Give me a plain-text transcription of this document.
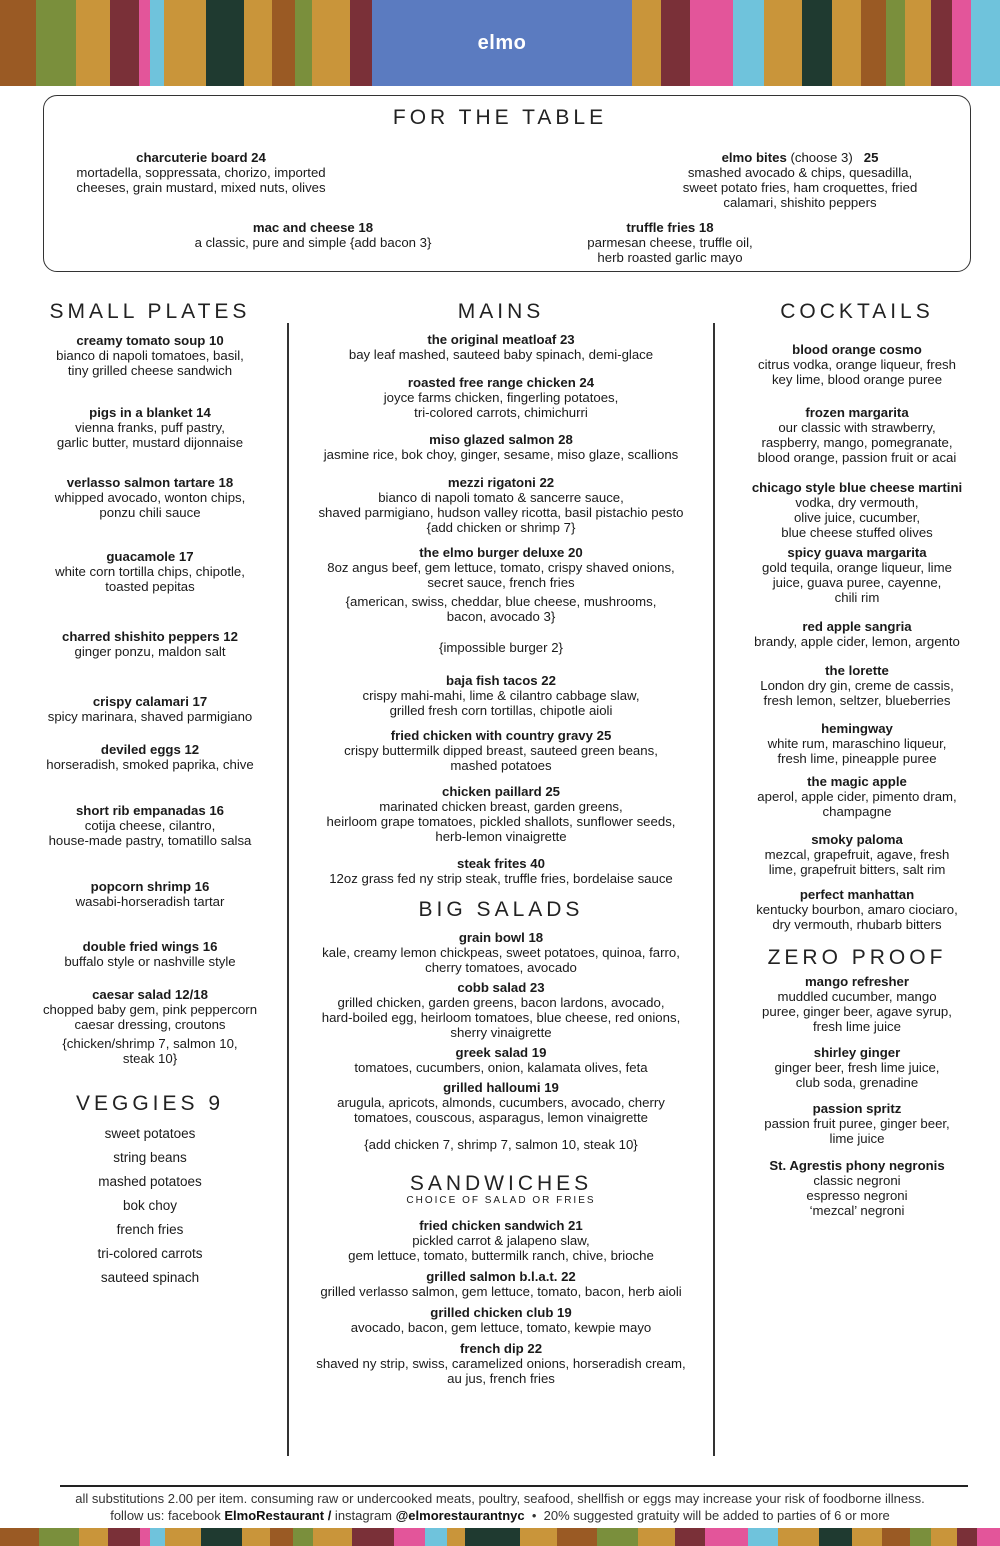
elmo
FOR THE TABLE
charcuterie board 24
mortadella, soppressata, chorizo, imported
cheeses, grain mustard, mixed nuts, olives
elmo bites (choose 3)   25
smashed avocado & chips, quesadilla,
sweet potato fries, ham croquettes, fried
calamari, shishito peppers
mac and cheese 18
a classic, pure and simple {add bacon 3}
truffle fries 18
parmesan cheese, truffle oil,
herb roasted garlic mayo
SMALL PLATES
creamy tomato soup 10
bianco di napoli tomatoes, basil,
tiny grilled cheese sandwich
pigs in a blanket 14
vienna franks, puff pastry,
garlic butter, mustard dijonnaise
verlasso salmon tartare 18
whipped avocado, wonton chips,
ponzu chili sauce
guacamole 17
white corn tortilla chips, chipotle,
toasted pepitas
charred shishito peppers 12
ginger ponzu, maldon salt
crispy calamari 17
spicy marinara, shaved parmigiano
deviled eggs 12
horseradish, smoked paprika, chive
short rib empanadas 16
cotija cheese, cilantro,
house-made pastry, tomatillo salsa
popcorn shrimp 16
wasabi-horseradish tartar
double fried wings 16
buffalo style or nashville style
caesar salad 12/18
chopped baby gem, pink peppercorn
caesar dressing, croutons
{chicken/shrimp 7, salmon 10,
steak 10}
VEGGIES 9
sweet potatoes
string beans
mashed potatoes
bok choy
french fries
tri-colored carrots
sauteed spinach
MAINS
the original meatloaf 23
bay leaf mashed, sauteed baby spinach, demi-glace
roasted free range chicken 24
joyce farms chicken, fingerling potatoes,
tri-colored carrots, chimichurri
miso glazed salmon 28
jasmine rice, bok choy, ginger, sesame, miso glaze, scallions
mezzi rigatoni 22
bianco di napoli tomato & sancerre sauce,
shaved parmigiano, hudson valley ricotta, basil pistachio pesto
{add chicken or shrimp 7}
the elmo burger deluxe 20
8oz angus beef, gem lettuce, tomato, crispy shaved onions,
secret sauce, french fries
{american, swiss, cheddar, blue cheese, mushrooms,
bacon, avocado 3}
{impossible burger 2}
baja fish tacos 22
crispy mahi-mahi, lime & cilantro cabbage slaw,
grilled fresh corn tortillas, chipotle aioli
fried chicken with country gravy 25
crispy buttermilk dipped breast, sauteed green beans,
mashed potatoes
chicken paillard 25
marinated chicken breast, garden greens,
heirloom grape tomatoes, pickled shallots, sunflower seeds,
herb-lemon vinaigrette
steak frites 40
12oz grass fed ny strip steak, truffle fries, bordelaise sauce
BIG SALADS
grain bowl 18
kale, creamy lemon chickpeas, sweet potatoes, quinoa, farro,
cherry tomatoes, avocado
cobb salad 23
grilled chicken, garden greens, bacon lardons, avocado,
hard-boiled egg, heirloom tomatoes, blue cheese, red onions,
sherry vinaigrette
greek salad 19
tomatoes, cucumbers, onion, kalamata olives, feta
grilled halloumi 19
arugula, apricots, almonds, cucumbers, avocado, cherry
tomatoes, couscous, asparagus, lemon vinaigrette
{add chicken 7, shrimp 7, salmon 10, steak 10}
SANDWICHES
CHOICE OF SALAD OR FRIES
fried chicken sandwich 21
pickled carrot & jalapeno slaw,
gem lettuce, tomato, buttermilk ranch, chive, brioche
grilled salmon b.l.a.t. 22
grilled verlasso salmon, gem lettuce, tomato, bacon, herb aioli
grilled chicken club 19
avocado, bacon, gem lettuce, tomato, kewpie mayo
french dip 22
shaved ny strip, swiss, caramelized onions, horseradish cream,
au jus, french fries
COCKTAILS
blood orange cosmo
citrus vodka, orange liqueur, fresh
key lime, blood orange puree
frozen margarita
our classic with strawberry,
raspberry, mango, pomegranate,
blood orange, passion fruit or acai
chicago style blue cheese martini
vodka, dry vermouth,
olive juice, cucumber,
blue cheese stuffed olives
spicy guava margarita
gold tequila, orange liqueur, lime
juice, guava puree, cayenne,
chili rim
red apple sangria
brandy, apple cider, lemon, argento
the lorette
London dry gin, creme de cassis,
fresh lemon, seltzer, blueberries
hemingway
white rum, maraschino liqueur,
fresh lime, pineapple puree
the magic apple
aperol, apple cider, pimento dram,
champagne
smoky paloma
mezcal, grapefruit, agave, fresh
lime, grapefruit bitters, salt rim
perfect manhattan
kentucky bourbon, amaro ciociaro,
dry vermouth, rhubarb bitters
ZERO PROOF
mango refresher
muddled cucumber, mango
puree, ginger beer, agave syrup,
fresh lime juice
shirley ginger
ginger beer, fresh lime juice,
club soda, grenadine
passion spritz
passion fruit puree, ginger beer,
lime juice
St. Agrestis phony negronis
classic negroni
espresso negroni
‘mezcal’ negroni
all substitutions 2.00 per item. consuming raw or undercooked meats, poultry, seafood, shellfish or eggs may increase your risk of foodborne illness.
follow us: facebook ElmoRestaurant / instagram @elmorestaurantnyc  •  20% suggested gratuity will be added to parties of 6 or more
